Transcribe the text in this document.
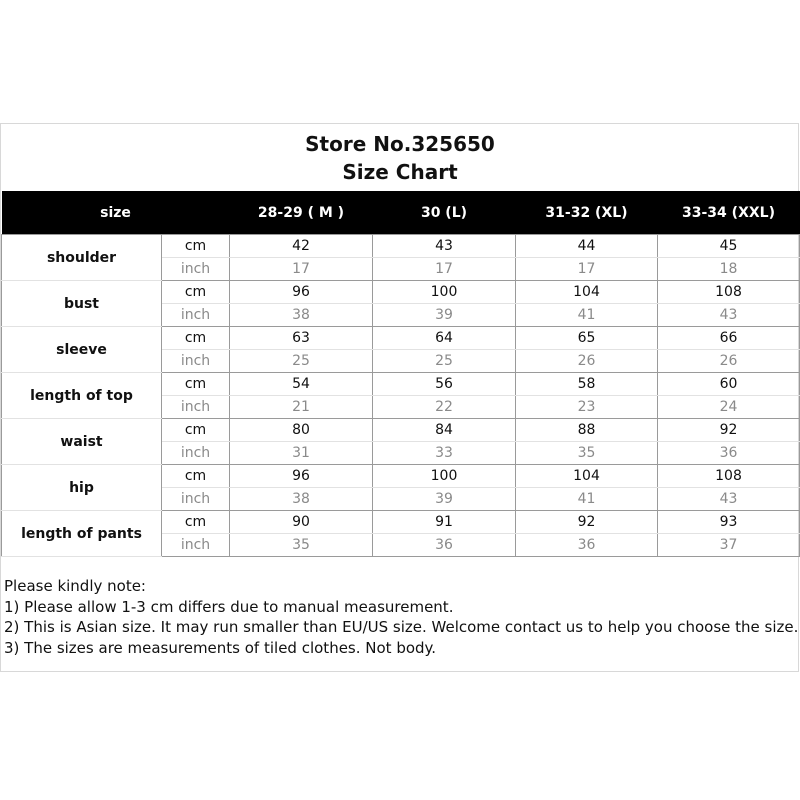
Store No.325650
Size Chart
size		28-29 ( M )	30 (L)	31-32 (XL)	33-34 (XXL)
shoulder	cm	42	43	44	45
	inch	17	17	17	18
bust	cm	96	100	104	108
	inch	38	39	41	43
sleeve	cm	63	64	65	66
	inch	25	25	26	26
length of top	cm	54	56	58	60
	inch	21	22	23	24
waist	cm	80	84	88	92
	inch	31	33	35	36
hip	cm	96	100	104	108
	inch	38	39	41	43
length of pants	cm	90	91	92	93
	inch	35	36	36	37
Please kindly note:
1) Please allow 1-3 cm differs due to manual measurement.
2) This is Asian size. It may run smaller than EU/US size. Welcome contact us to help you choose the size.
3) The sizes are measurements of tiled clothes. Not body.
